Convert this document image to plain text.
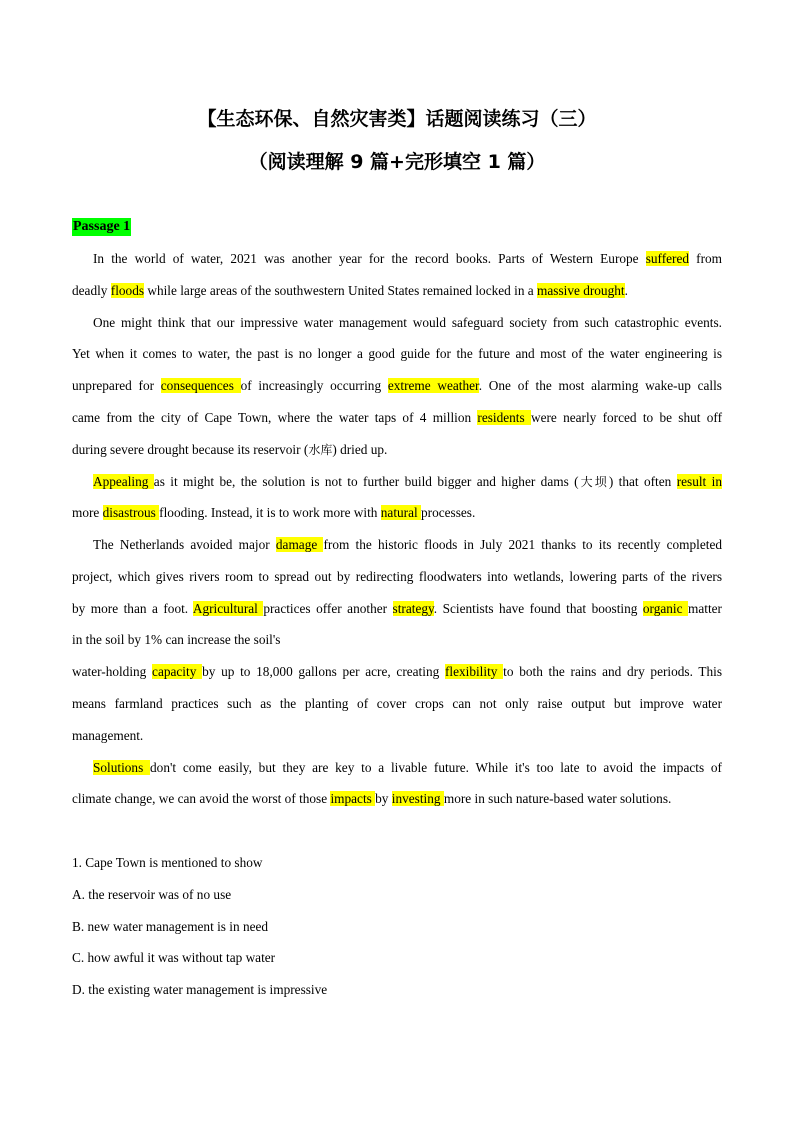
【生态环保、自然灾害类】话题阅读练习（三）
（阅读理解 9 篇+完形填空 1 篇）
Passage 1
In the world of water, 2021 was another year for the record books. Parts of Western Europe suffered from
deadly floods while large areas of the southwestern United States remained locked in a massive drought.
One might think that our impressive water management would safeguard society from such catastrophic events.
Yet when it comes to water, the past is no longer a good guide for the future and most of the water engineering is
unprepared for consequences of increasingly occurring extreme weather. One of the most alarming wake-up calls
came from the city of Cape Town, where the water taps of 4 million residents were nearly forced to be shut off
during severe drought because its reservoir (水库) dried up.
Appealing as it might be, the solution is not to further build bigger and higher dams (大坝) that often result in
more disastrous flooding. Instead, it is to work more with natural processes.
The Netherlands avoided major damage from the historic floods in July 2021 thanks to its recently completed
project, which gives rivers room to spread out by redirecting floodwaters into wetlands, lowering parts of the rivers
by more than a foot. Agricultural practices offer another strategy. Scientists have found that boosting organic matter
in the soil by 1% can increase the soil's
water-holding capacity by up to 18,000 gallons per acre, creating flexibility to both the rains and dry periods. This
means farmland practices such as the planting of cover crops can not only raise output but improve water
management.
Solutions don't come easily, but they are key to a livable future. While it's too late to avoid the impacts of
climate change, we can avoid the worst of those impacts by investing more in such nature-based water solutions.
1. Cape Town is mentioned to show
A. the reservoir was of no use
B. new water management is in need
C. how awful it was without tap water
D. the existing water management is impressive
